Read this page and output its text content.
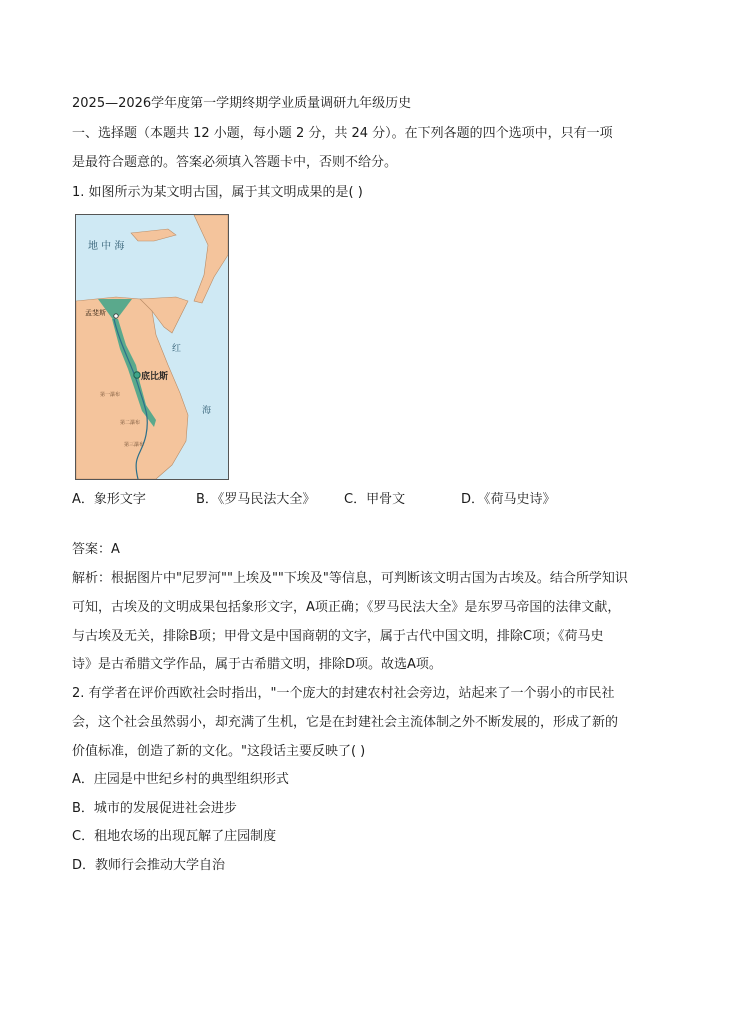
2025—2026学年度第一学期终期学业质量调研九年级历史
一、选择题（本题共 12 小题，每小题 2 分，共 24 分）。在下列各题的四个选项中，只有一项
是最符合题意的。答案必须填入答题卡中，否则不给分。
1. 如图所示为某文明古国，属于其文明成果的是( )
地 中 海
孟斐斯
底比斯
红
海
第一瀑布
第二瀑布
第三瀑布
A．象形文字	B．《罗马民法大全》 C．甲骨文	D．《荷马史诗》
答案：A
解析：根据图片中"尼罗河""上埃及""下埃及"等信息，可判断该文明古国为古埃及。结合所学知识
可知，古埃及的文明成果包括象形文字，A项正确；《罗马民法大全》是东罗马帝国的法律文献，
与古埃及无关，排除B项；甲骨文是中国商朝的文字，属于古代中国文明，排除C项；《荷马史
诗》是古希腊文学作品，属于古希腊文明，排除D项。故选A项。
2. 有学者在评价西欧社会时指出，"一个庞大的封建农村社会旁边，站起来了一个弱小的市民社
会，这个社会虽然弱小，却充满了生机，它是在封建社会主流体制之外不断发展的，形成了新的
价值标准，创造了新的文化。"这段话主要反映了( )
A．庄园是中世纪乡村的典型组织形式
B．城市的发展促进社会进步
C．租地农场的出现瓦解了庄园制度
D．教师行会推动大学自治
